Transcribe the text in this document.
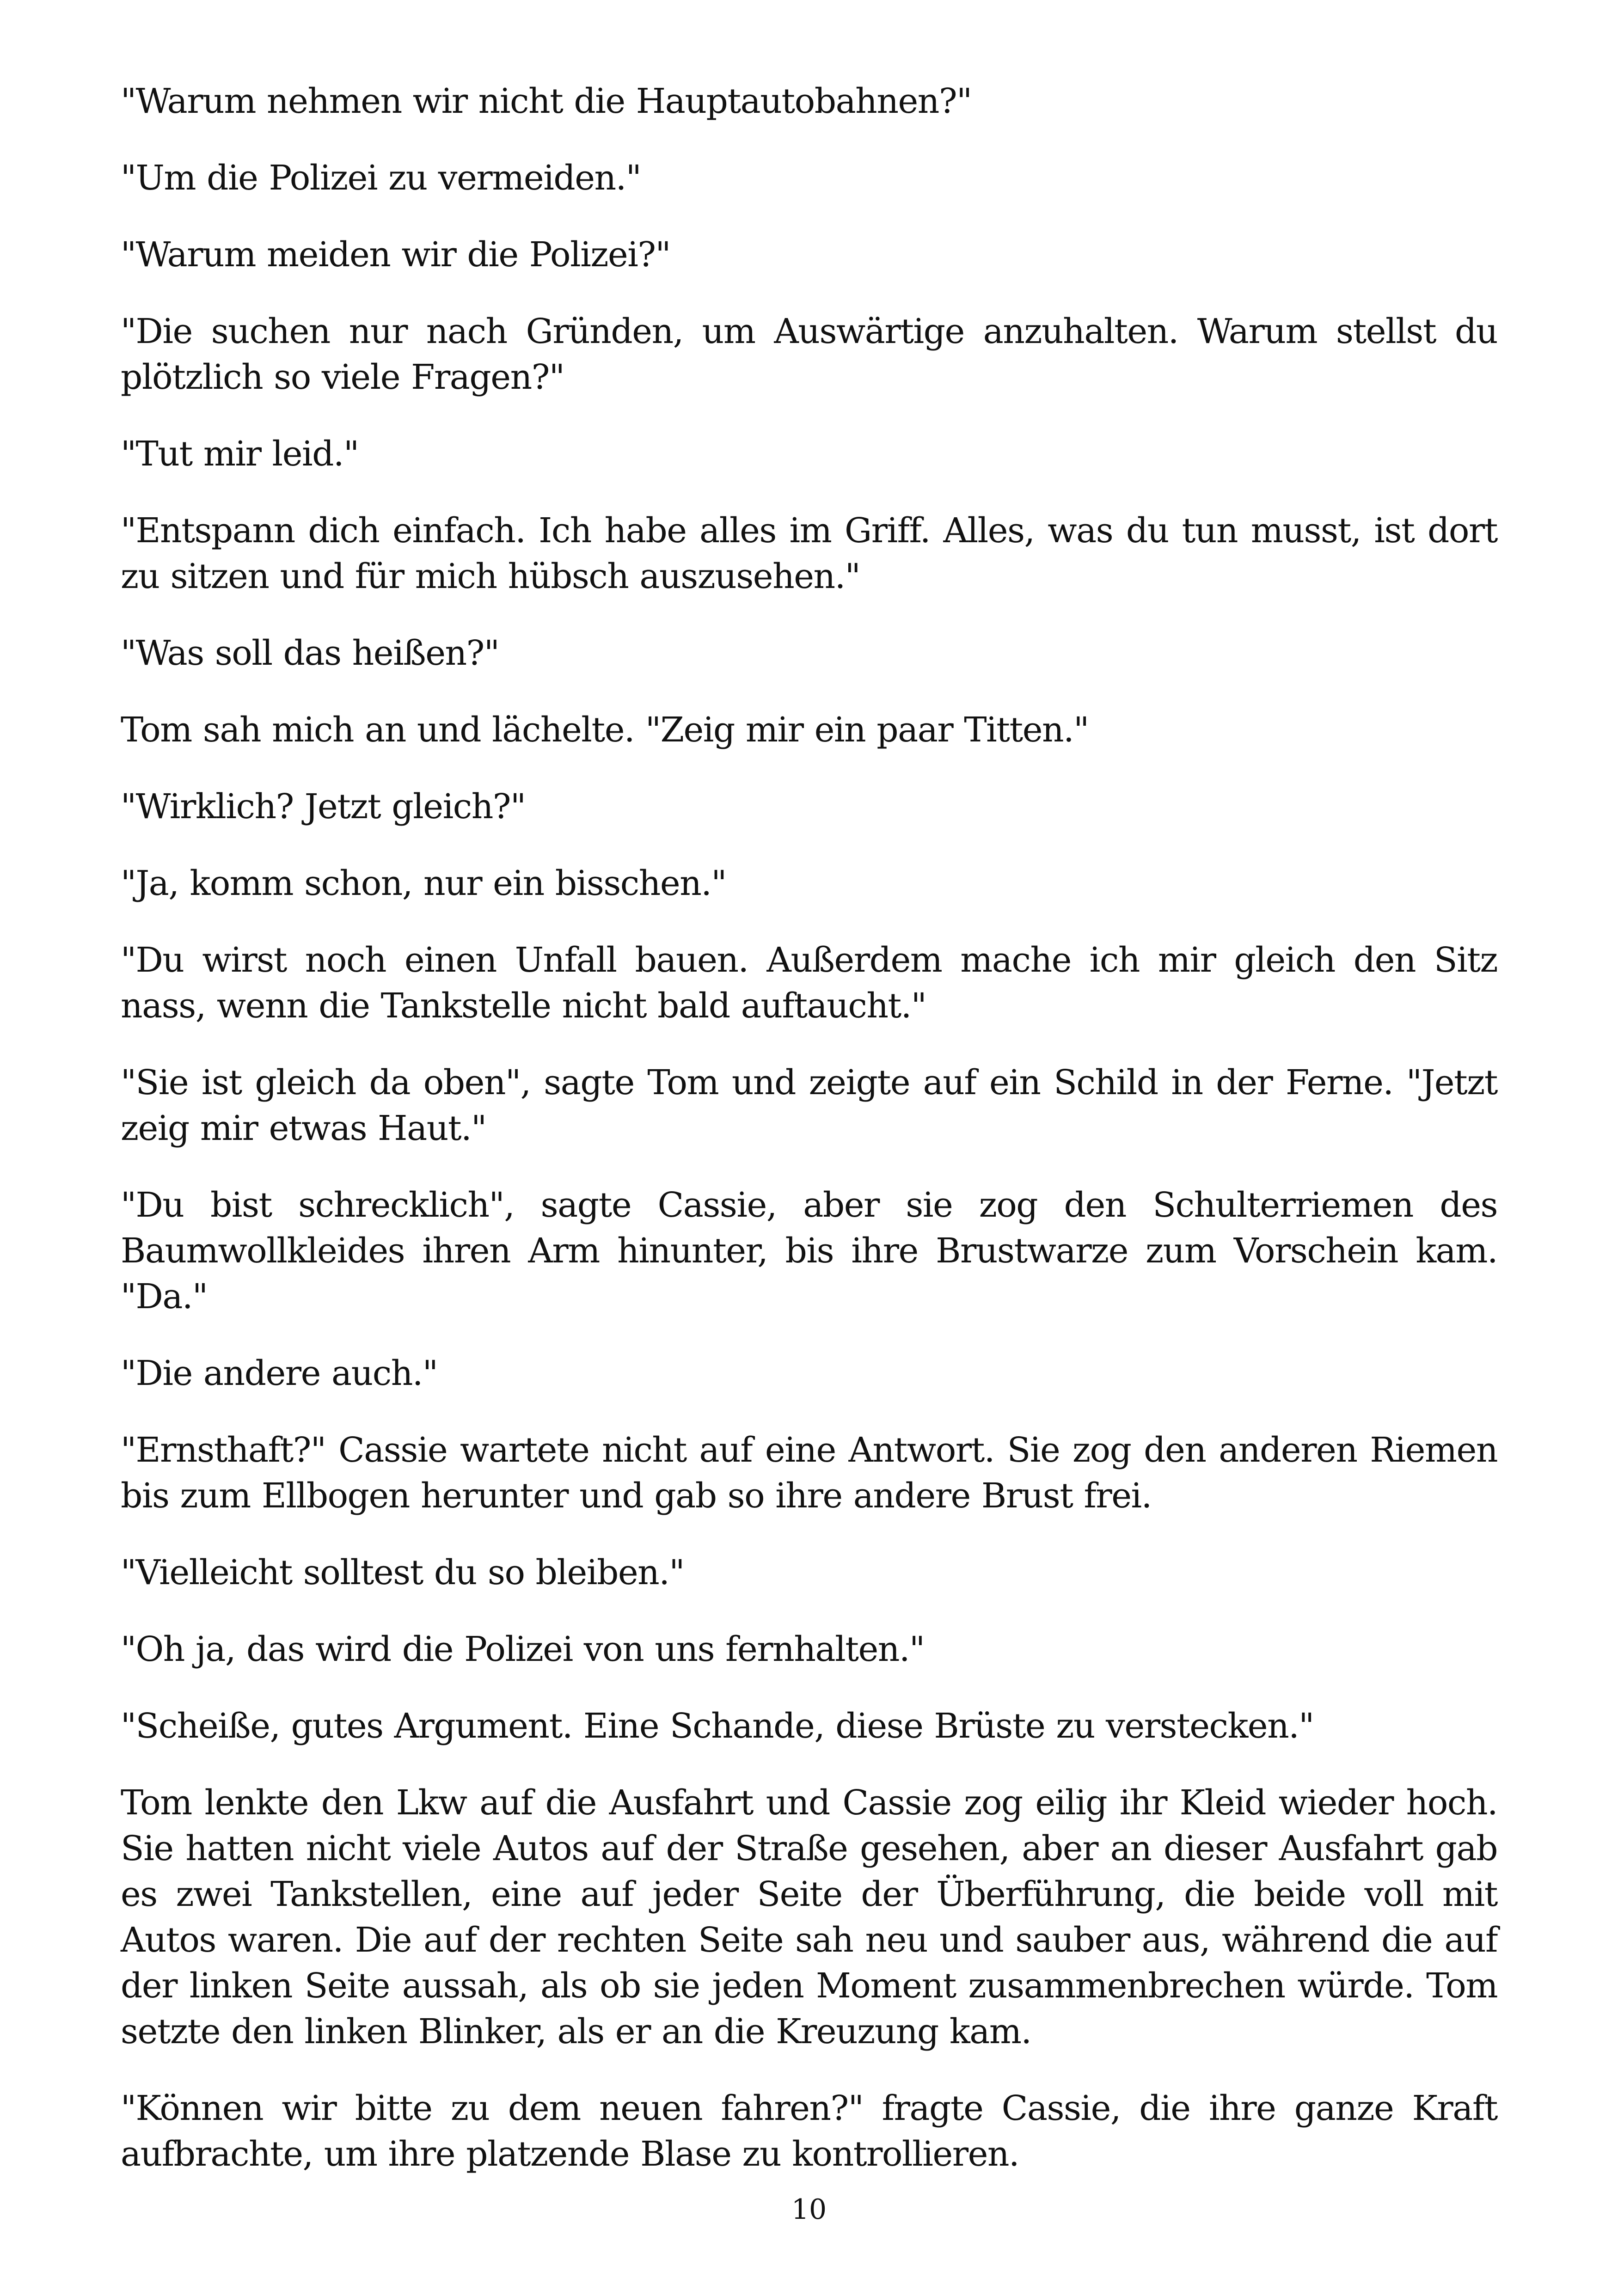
"Warum nehmen wir nicht die Hauptautobahnen?"

"Um die Polizei zu vermeiden."

"Warum meiden wir die Polizei?"

"Die suchen nur nach Gründen, um Auswärtige anzuhalten. Warum stellst du plötzlich so viele Fragen?"

"Tut mir leid."

"Entspann dich einfach. Ich habe alles im Griff. Alles, was du tun musst, ist dort zu sitzen und für mich hübsch auszusehen."

"Was soll das heißen?"

Tom sah mich an und lächelte. "Zeig mir ein paar Titten."

"Wirklich? Jetzt gleich?"

"Ja, komm schon, nur ein bisschen."

"Du wirst noch einen Unfall bauen. Außerdem mache ich mir gleich den Sitz nass, wenn die Tankstelle nicht bald auftaucht."

"Sie ist gleich da oben", sagte Tom und zeigte auf ein Schild in der Ferne. "Jetzt zeig mir etwas Haut."

"Du bist schrecklich", sagte Cassie, aber sie zog den Schulterriemen des Baumwollkleides ihren Arm hinunter, bis ihre Brustwarze zum Vorschein kam. "Da."

"Die andere auch."

"Ernsthaft?" Cassie wartete nicht auf eine Antwort. Sie zog den anderen Riemen bis zum Ellbogen herunter und gab so ihre andere Brust frei.

"Vielleicht solltest du so bleiben."

"Oh ja, das wird die Polizei von uns fernhalten."

"Scheiße, gutes Argument. Eine Schande, diese Brüste zu verstecken."

Tom lenkte den Lkw auf die Ausfahrt und Cassie zog eilig ihr Kleid wieder hoch. Sie hatten nicht viele Autos auf der Straße gesehen, aber an dieser Ausfahrt gab es zwei Tankstellen, eine auf jeder Seite der Überführung, die beide voll mit Autos waren. Die auf der rechten Seite sah neu und sauber aus, während die auf der linken Seite aussah, als ob sie jeden Moment zusammenbrechen würde. Tom setzte den linken Blinker, als er an die Kreuzung kam.

"Können wir bitte zu dem neuen fahren?" fragte Cassie, die ihre ganze Kraft aufbrachte, um ihre platzende Blase zu kontrollieren.

10
